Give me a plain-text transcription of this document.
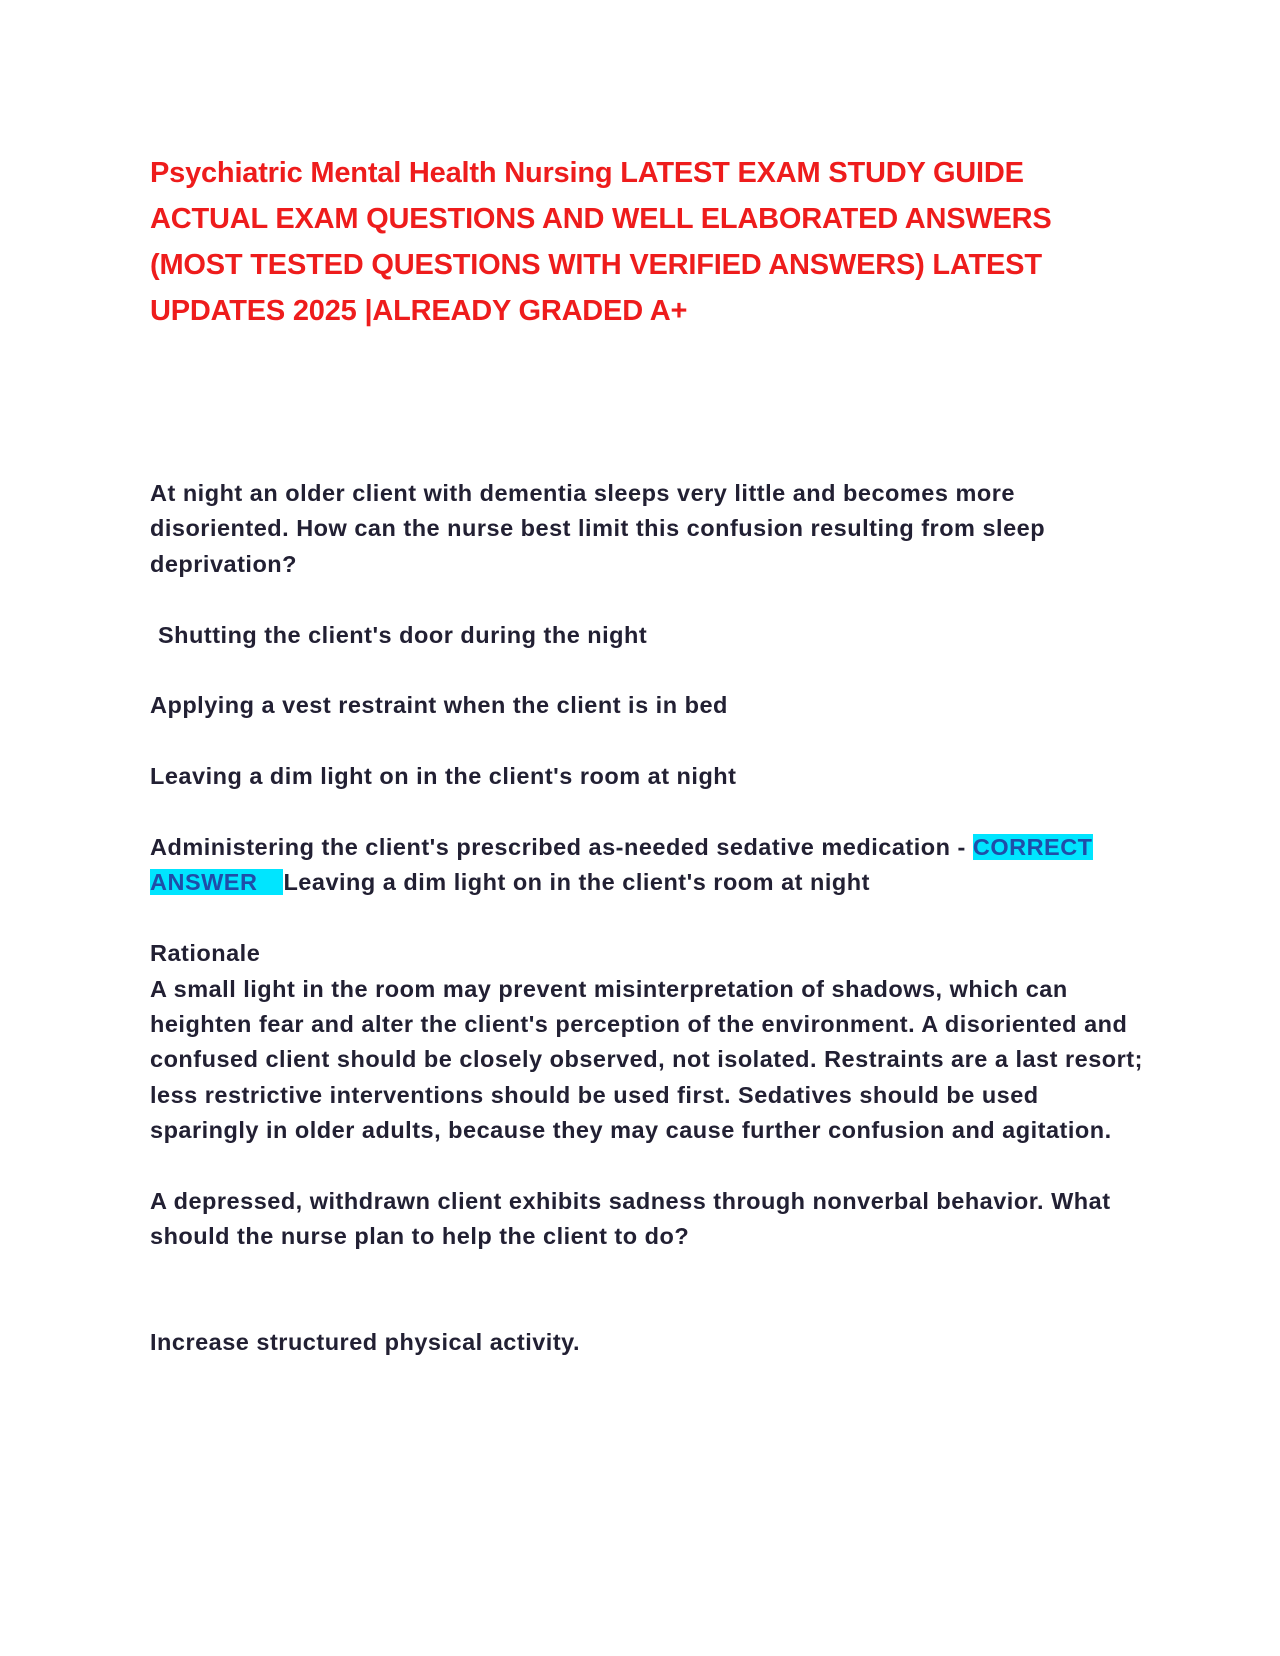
Psychiatric Mental Health Nursing LATEST EXAM STUDY GUIDE ACTUAL EXAM QUESTIONS AND WELL ELABORATED ANSWERS (MOST TESTED QUESTIONS WITH VERIFIED ANSWERS) LATEST UPDATES 2025 |ALREADY GRADED A+

At night an older client with dementia sleeps very little and becomes more disoriented. How can the nurse best limit this confusion resulting from sleep deprivation?

Shutting the client's door during the night

Applying a vest restraint when the client is in bed

Leaving a dim light on in the client's room at night

Administering the client's prescribed as-needed sedative medication - CORRECT ANSWER Leaving a dim light on in the client's room at night

Rationale

A small light in the room may prevent misinterpretation of shadows, which can heighten fear and alter the client's perception of the environment. A disoriented and confused client should be closely observed, not isolated. Restraints are a last resort; less restrictive interventions should be used first. Sedatives should be used sparingly in older adults, because they may cause further confusion and agitation.

A depressed, withdrawn client exhibits sadness through nonverbal behavior. What should the nurse plan to help the client to do?

Increase structured physical activity.
